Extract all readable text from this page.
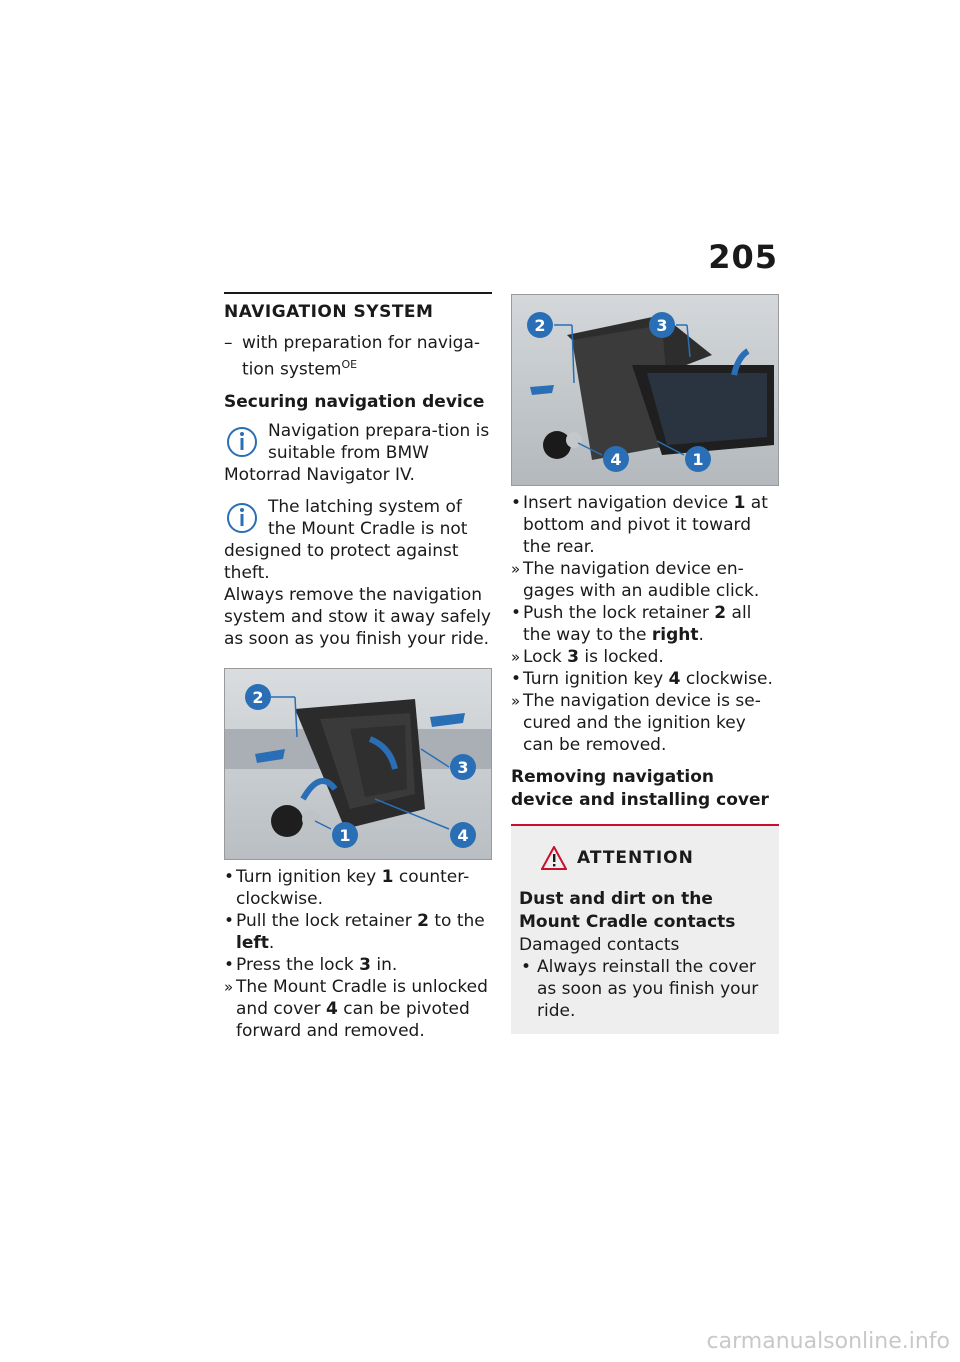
205
NAVIGATION SYSTEM
– with preparation for naviga-tion system$^{OE}$
Securing navigation device

Navigation prepara-tion is suitable from BMW Motorrad Navigator IV.

The latching system of the Mount Cradle is not designed to protect against theft.

Always remove the navigation system and stow it away safely as soon as you finish your ride.

2
3
1	4
• Turn ignition key 1 counter-clockwise.
• Pull the lock retainer 2 to the left.
• Press the lock 3 in.
» The Mount Cradle is unlocked and cover 4 can be pivoted forward and removed.
2	3
4	1
• Insert navigation device 1 at bottom and pivot it toward the rear.
» The navigation device en-gages with an audible click.
• Push the lock retainer 2 all the way to the right.
» Lock 3 is locked.
• Turn ignition key 4 clockwise.
» The navigation device is se-cured and the ignition key can be removed.
Removing navigation device and installing cover
ATTENTION
Dust and dirt on the
Mount Cradle contacts
Damaged contacts
• Always reinstall the cover as soon as you finish your ride.
carmanualsonline.info
